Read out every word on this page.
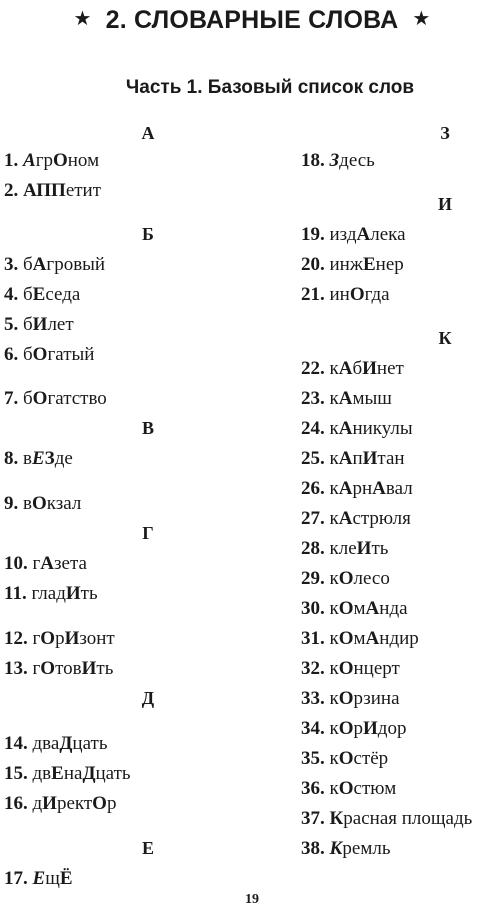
★ 2. СЛОВАРНЫЕ СЛОВА ★
Часть 1. Базовый список слов
А
1. АгрОном
2. АППетит
Б
3. бАгровый
4. бЕседа
5. бИлет
6. бОгатый
7. бОгатство
В
8. вЕЗде
9. вОкзал
Г
10. гАзета
11. гладИть
12. гОрИзонт
13. гОтовИть
Д
14. дваДцать
15. двЕнаДцать
16. дИректОр
Е
17. ЕщЁ
З
18. Здесь
И
19. издАлека
20. инжЕнер
21. инОгда
К
22. кАбИнет
23. кАмыш
24. кАникулы
25. кАпИтан
26. кАрнАвал
27. кАстрюля
28. клеИть
29. кОлесо
30. кОмАнда
31. кОмАндир
32. кОнцерт
33. кОрзина
34. кОрИдор
35. кОстёр
36. кОстюм
37. Красная площадь
38. Кремль
19
